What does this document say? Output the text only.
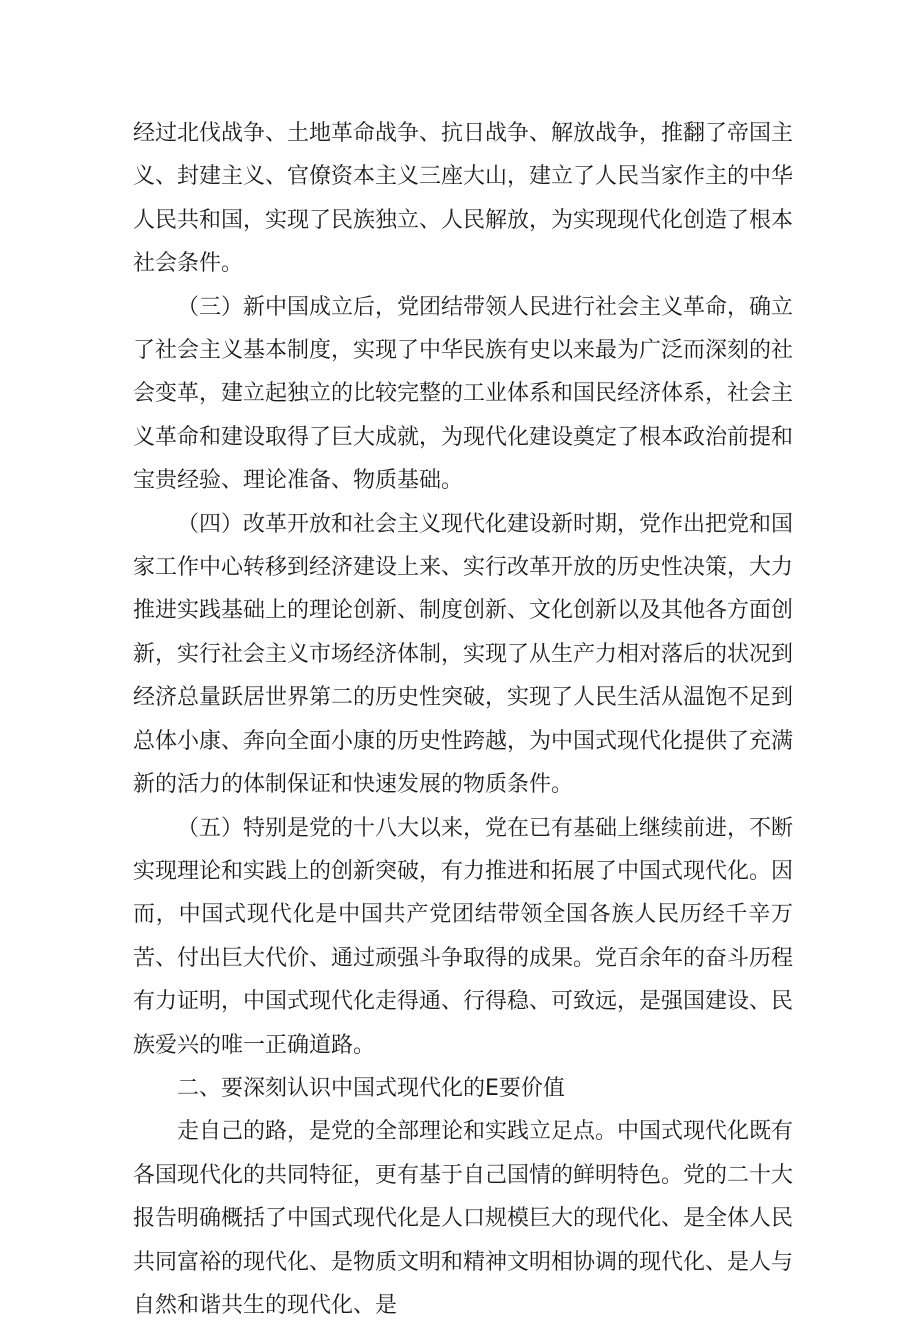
经过北伐战争、土地革命战争、抗日战争、解放战争，推翻了帝国主义、封建主义、官僚资本主义三座大山，建立了人民当家作主的中华人民共和国，实现了民族独立、人民解放，为实现现代化创造了根本社会条件。

（三）新中国成立后，党团结带领人民进行社会主义革命，确立了社会主义基本制度，实现了中华民族有史以来最为广泛而深刻的社会变革，建立起独立的比较完整的工业体系和国民经济体系，社会主义革命和建设取得了巨大成就，为现代化建设奠定了根本政治前提和宝贵经验、理论准备、物质基础。

（四）改革开放和社会主义现代化建设新时期，党作出把党和国家工作中心转移到经济建设上来、实行改革开放的历史性决策，大力推进实践基础上的理论创新、制度创新、文化创新以及其他各方面创新，实行社会主义市场经济体制，实现了从生产力相对落后的状况到经济总量跃居世界第二的历史性突破，实现了人民生活从温饱不足到总体小康、奔向全面小康的历史性跨越，为中国式现代化提供了充满新的活力的体制保证和快速发展的物质条件。

（五）特别是党的十八大以来，党在已有基础上继续前进，不断实现理论和实践上的创新突破，有力推进和拓展了中国式现代化。因而，中国式现代化是中国共产党团结带领全国各族人民历经千辛万苦、付出巨大代价、通过顽强斗争取得的成果。党百余年的奋斗历程有力证明，中国式现代化走得通、行得稳、可致远，是强国建设、民族爱兴的唯一正确道路。

二、要深刻认识中国式现代化的E要价值

走自己的路，是党的全部理论和实践立足点。中国式现代化既有各国现代化的共同特征，更有基于自己国情的鲜明特色。党的二十大报告明确概括了中国式现代化是人口规模巨大的现代化、是全体人民共同富裕的现代化、是物质文明和精神文明相协调的现代化、是人与自然和谐共生的现代化、是
